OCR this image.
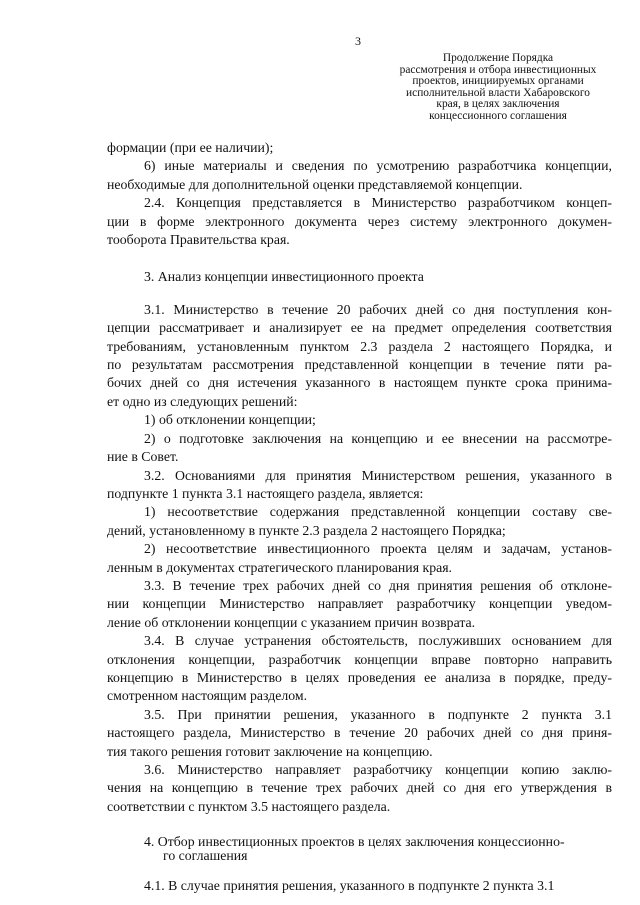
3
Продолжение Порядка
рассмотрения и отбора инвестиционных
проектов, инициируемых органами
исполнительной власти Хабаровского
края, в целях заключения
концессионного соглашения

формации (при ее наличии);

6) иные материалы и сведения по усмотрению разработчика концепции,
необходимые для дополнительной оценки представляемой концепции.

2.4. Концепция представляется в Министерство разработчиком концеп-
ции в форме электронного документа через систему электронного докумен-
тооборота Правительства края.

3. Анализ концепции инвестиционного проекта

3.1. Министерство в течение 20 рабочих дней со дня поступления кон-
цепции рассматривает и анализирует ее на предмет определения соответствия
требованиям, установленным пунктом 2.3 раздела 2 настоящего Порядка, и
по результатам рассмотрения представленной концепции в течение пяти ра-
бочих дней со дня истечения указанного в настоящем пункте срока принима-
ет одно из следующих решений:

1) об отклонении концепции;

2) о подготовке заключения на концепцию и ее внесении на рассмотре-
ние в Совет.

3.2. Основаниями для принятия Министерством решения, указанного в
подпункте 1 пункта 3.1 настоящего раздела, является:

1) несоответствие содержания представленной концепции составу све-
дений, установленному в пункте 2.3 раздела 2 настоящего Порядка;

2) несоответствие инвестиционного проекта целям и задачам, установ-
ленным в документах стратегического планирования края.

3.3. В течение трех рабочих дней со дня принятия решения об отклоне-
нии концепции Министерство направляет разработчику концепции уведом-
ление об отклонении концепции с указанием причин возврата.

3.4. В случае устранения обстоятельств, послуживших основанием для
отклонения концепции, разработчик концепции вправе повторно направить
концепцию в Министерство в целях проведения ее анализа в порядке, преду-
смотренном настоящим разделом.

3.5. При принятии решения, указанного в подпункте 2 пункта 3.1
настоящего раздела, Министерство в течение 20 рабочих дней со дня приня-
тия такого решения готовит заключение на концепцию.

3.6. Министерство направляет разработчику концепции копию заклю-
чения на концепцию в течение трех рабочих дней со дня его утверждения в
соответствии с пунктом 3.5 настоящего раздела.

4. Отбор инвестиционных проектов в целях заключения концессионно-
го соглашения

4.1. В случае принятия решения, указанного в подпункте 2 пункта 3.1
